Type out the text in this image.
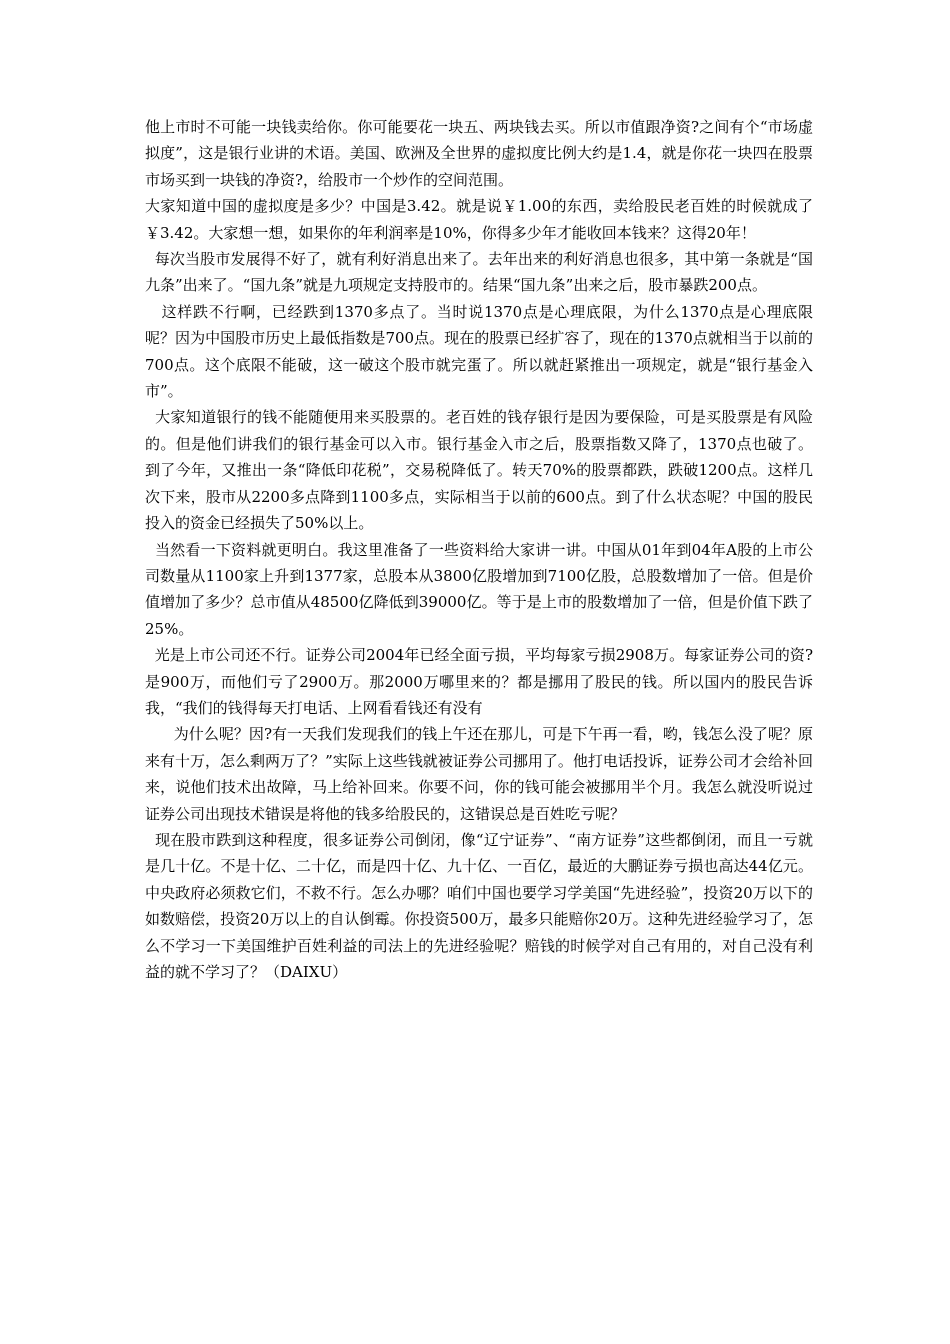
他上市时不可能一块钱卖给你。你可能要花一块五、两块钱去买。所以市值跟净资?之间有个“市场虚拟度”，这是银行业讲的术语。美国、欧洲及全世界的虚拟度比例大约是1.4，就是你花一块四在股票市场买到一块钱的净资?，给股市一个炒作的空间范围。

大家知道中国的虚拟度是多少？中国是3.42。就是说￥1.00的东西，卖给股民老百姓的时候就成了￥3.42。大家想一想，如果你的年利润率是10%，你得多少年才能收回本钱来？这得20年！

每次当股市发展得不好了，就有利好消息出来了。去年出来的利好消息也很多，其中第一条就是“国九条”出来了。“国九条”就是九项规定支持股市的。结果“国九条”出来之后，股市暴跌200点。

这样跌不行啊，已经跌到1370多点了。当时说1370点是心理底限，为什么1370点是心理底限呢？因为中国股市历史上最低指数是700点。现在的股票已经扩容了，现在的1370点就相当于以前的700点。这个底限不能破，这一破这个股市就完蛋了。所以就赶紧推出一项规定，就是“银行基金入市”。

大家知道银行的钱不能随便用来买股票的。老百姓的钱存银行是因为要保险，可是买股票是有风险的。但是他们讲我们的银行基金可以入市。银行基金入市之后，股票指数又降了，1370点也破了。到了今年，又推出一条“降低印花税”，交易税降低了。转天70%的股票都跌，跌破1200点。这样几次下来，股市从2200多点降到1100多点，实际相当于以前的600点。到了什么状态呢？中国的股民投入的资金已经损失了50%以上。

当然看一下资料就更明白。我这里准备了一些资料给大家讲一讲。中国从01年到04年A股的上市公司数量从1100家上升到1377家，总股本从3800亿股增加到7100亿股，总股数增加了一倍。但是价值增加了多少？总市值从48500亿降低到39000亿。等于是上市的股数增加了一倍，但是价值下跌了25%。

光是上市公司还不行。证券公司2004年已经全面亏损，平均每家亏损2908万。每家证券公司的资?是900万，而他们亏了2900万。那2000万哪里来的？都是挪用了股民的钱。所以国内的股民告诉我，“我们的钱得每天打电话、上网看看钱还有没有

为什么呢？因?有一天我们发现我们的钱上午还在那儿，可是下午再一看，哟，钱怎么没了呢？原来有十万，怎么剩两万了？”实际上这些钱就被证券公司挪用了。他打电话投诉，证券公司才会给补回来，说他们技术出故障，马上给补回来。你要不问，你的钱可能会被挪用半个月。我怎么就没听说过证券公司出现技术错误是将他的钱多给股民的，这错误总是百姓吃亏呢？

现在股市跌到这种程度，很多证券公司倒闭，像“辽宁证券”、“南方证券”这些都倒闭，而且一亏就是几十亿。不是十亿、二十亿，而是四十亿、九十亿、一百亿，最近的大鹏证券亏损也高达44亿元。中央政府必须救它们，不救不行。怎么办哪？咱们中国也要学习学美国“先进经验”，投资20万以下的如数赔偿，投资20万以上的自认倒霉。你投资500万，最多只能赔你20万。这种先进经验学习了，怎么不学习一下美国维护百姓利益的司法上的先进经验呢？赔钱的时候学对自己有用的，对自己没有利益的就不学习了？（DAIXU）
